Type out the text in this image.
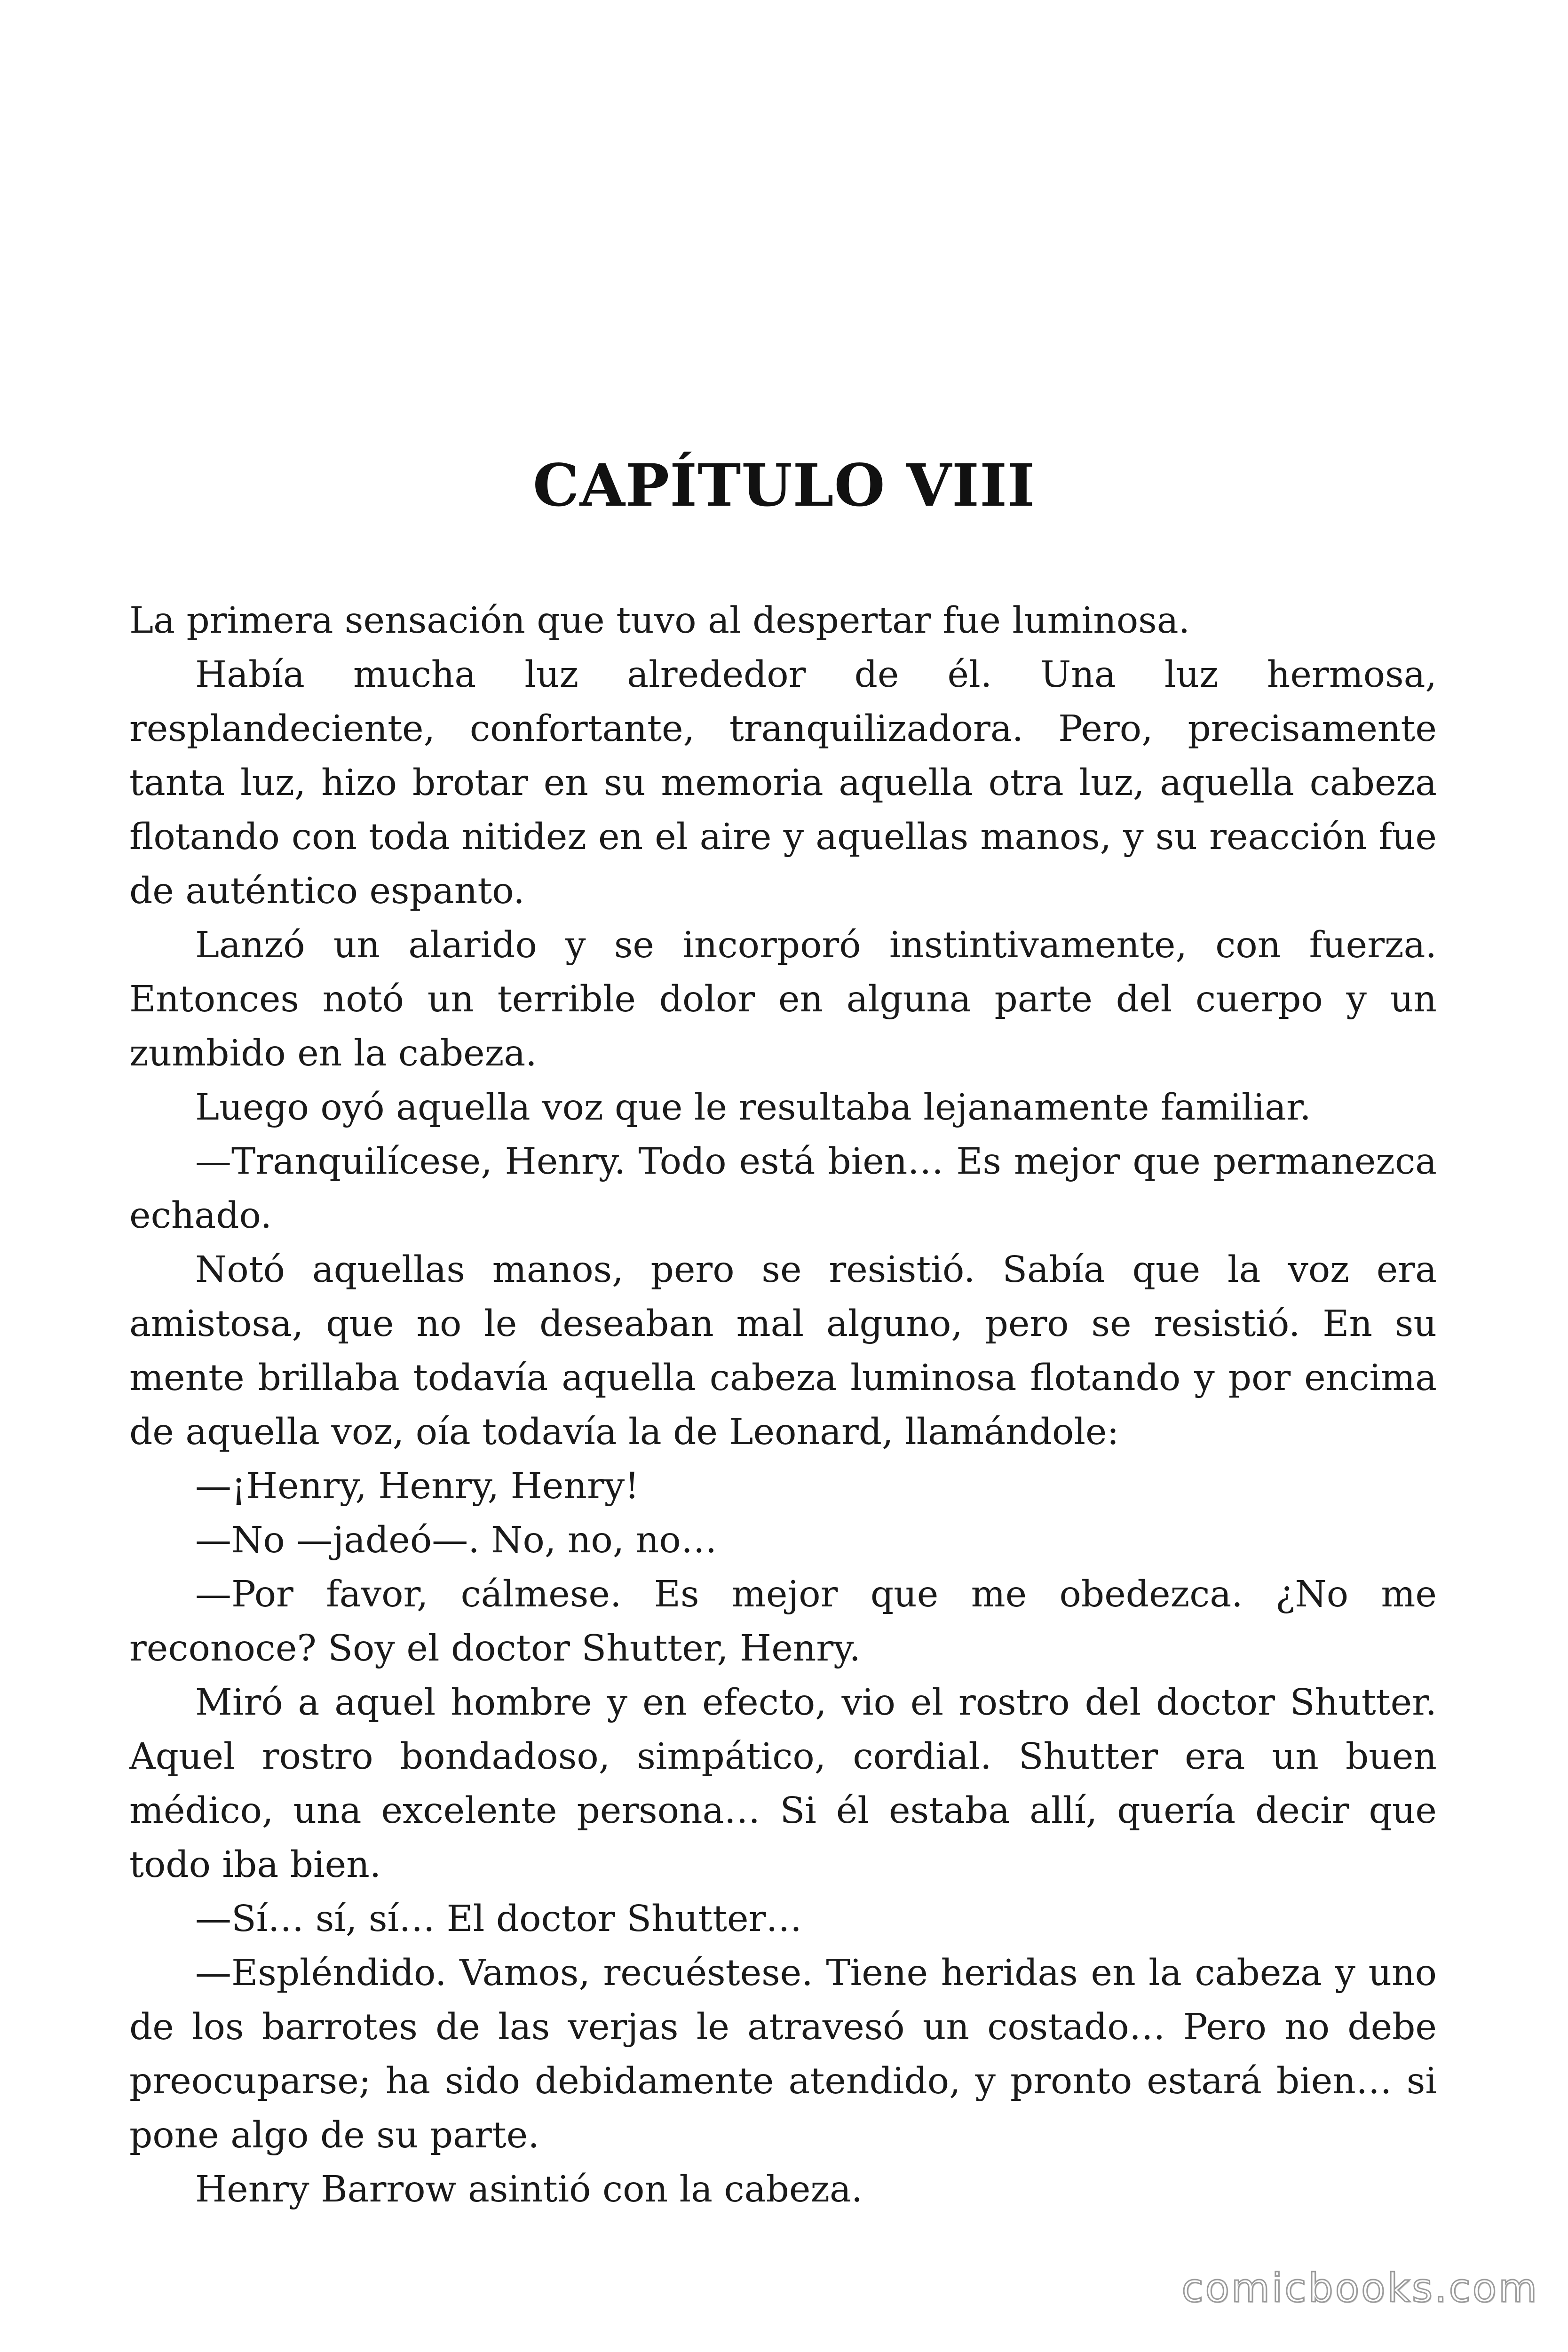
CAPÍTULO VIII

La primera sensación que tuvo al despertar fue luminosa.

Había mucha luz alrededor de él. Una luz hermosa, resplandeciente, confortante, tranquilizadora. Pero, precisamente tanta luz, hizo brotar en su memoria aquella otra luz, aquella cabeza flotando con toda nitidez en el aire y aquellas manos, y su reacción fue de auténtico espanto.

Lanzó un alarido y se incorporó instintivamente, con fuerza. Entonces notó un terrible dolor en alguna parte del cuerpo y un zumbido en la cabeza.

Luego oyó aquella voz que le resultaba lejanamente familiar.

—Tranquilícese, Henry. Todo está bien… Es mejor que permanezca echado.

Notó aquellas manos, pero se resistió. Sabía que la voz era amistosa, que no le deseaban mal alguno, pero se resistió. En su mente brillaba todavía aquella cabeza luminosa flotando y por encima de aquella voz, oía todavía la de Leonard, llamándole:

—¡Henry, Henry, Henry!

—No —jadeó—. No, no, no…

—Por favor, cálmese. Es mejor que me obedezca. ¿No me reconoce? Soy el doctor Shutter, Henry.

Miró a aquel hombre y en efecto, vio el rostro del doctor Shutter. Aquel rostro bondadoso, simpático, cordial. Shutter era un buen médico, una excelente persona… Si él estaba allí, quería decir que todo iba bien.

—Sí… sí, sí… El doctor Shutter…

—Espléndido. Vamos, recuéstese. Tiene heridas en la cabeza y uno de los barrotes de las verjas le atravesó un costado… Pero no debe preocuparse; ha sido debidamente atendido, y pronto estará bien… si pone algo de su parte.

Henry Barrow asintió con la cabeza.

comicbooks.com
